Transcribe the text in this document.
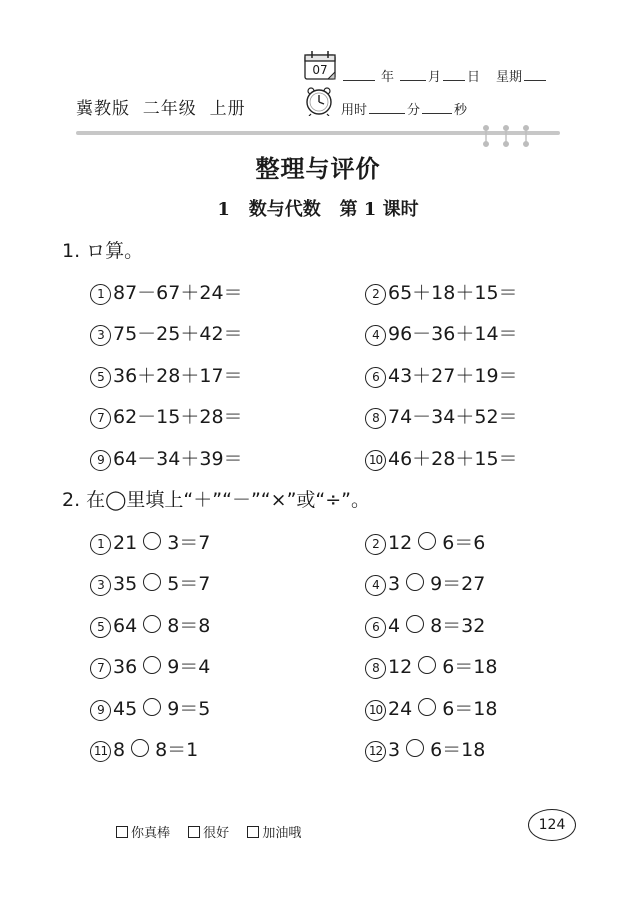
07	年	月 日 星期
冀教版  二年级  上册	用时	分	秒
整理与评价
1   数与代数   第 1 课时
1. ロ算。
1 87－67＋24＝	2 65＋18＋15＝
3 75－25＋42＝	4 96－36＋14＝
5 36＋28＋17＝	6 43＋27＋19＝
7 62－15＋28＝	8 74－34＋52＝
9 64－34＋39＝	10 46＋28＋15＝
2. 在◯里填上“＋”“－”“×”或“÷”。
1 21 3＝7	2 12 6＝6
3 35 5＝7	4 3 9＝27
5 64 8＝8	6 4 8＝32
7 36 9＝4	8 12 6＝18
9 45 9＝5	10 24 6＝18
11 8 8＝1	12 3 6＝18
你真棒	很好	加油哦
124
